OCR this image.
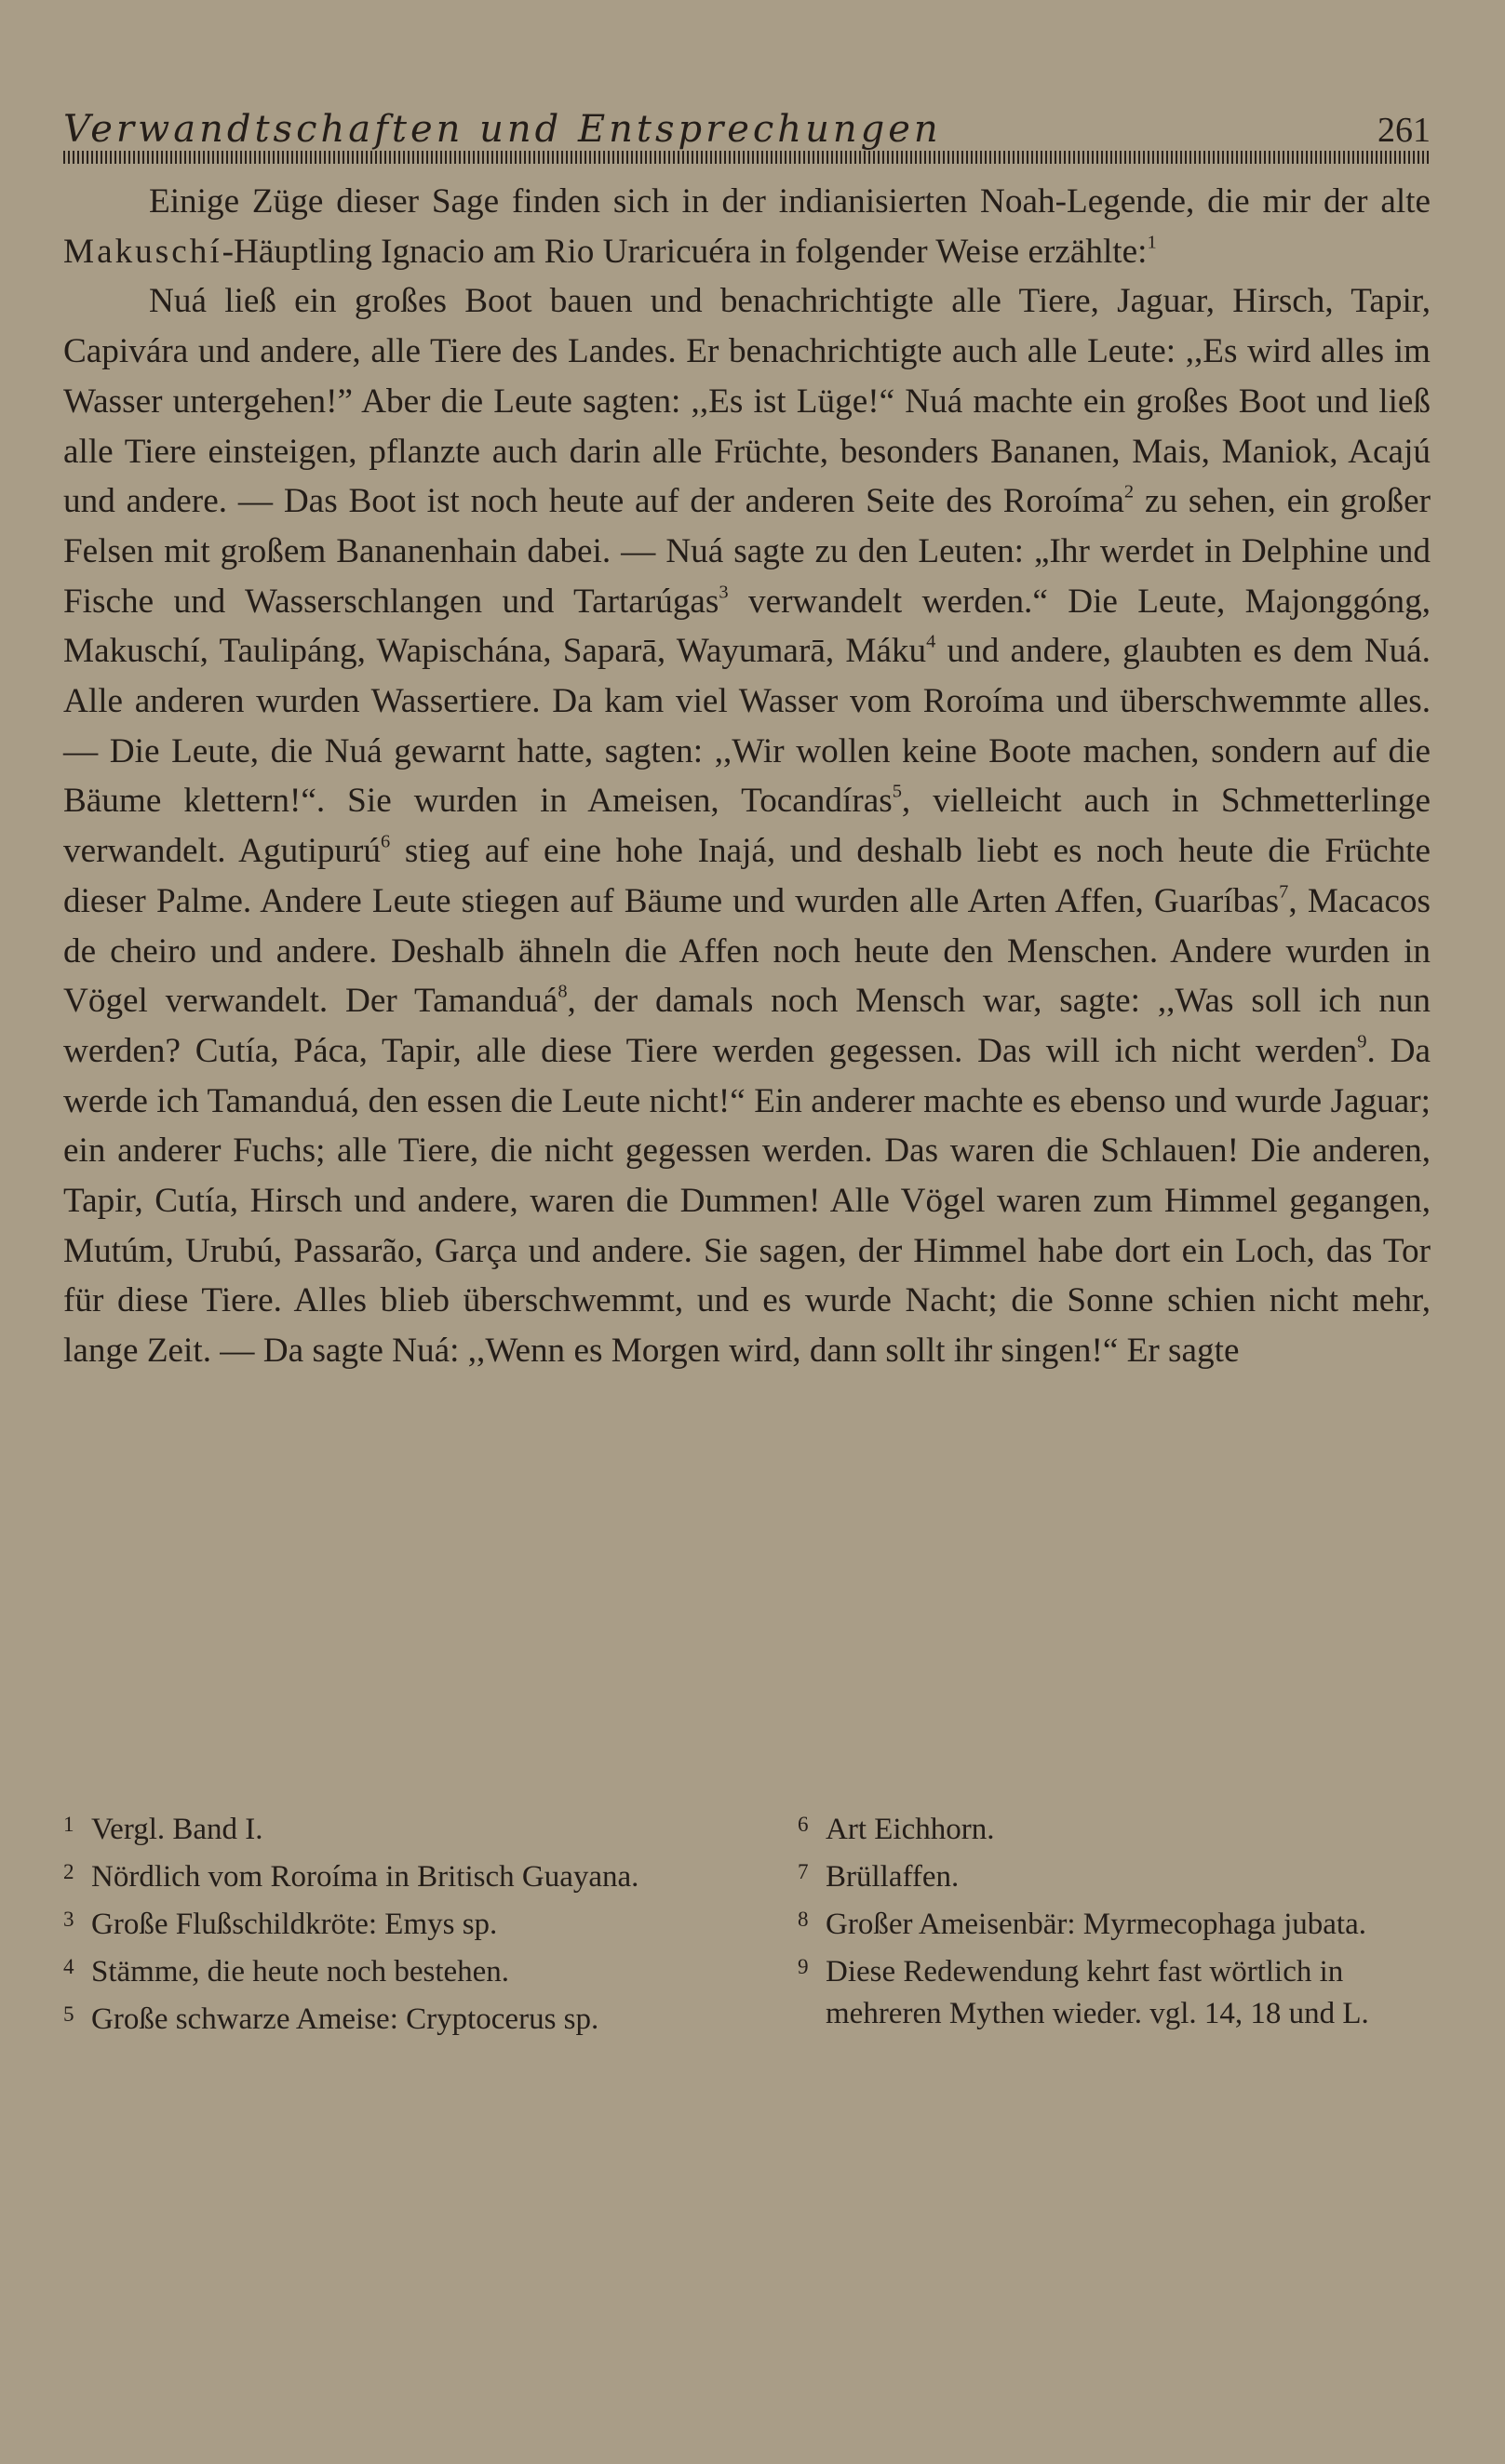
Verwandtschaften und Entsprechungen	261

Einige Züge dieser Sage finden sich in der indianisierten Noah-Legende, die mir der alte Makuschí-Häuptling Ignacio am Rio Uraricuéra in folgender Weise erzählte:$^1$

Nuá ließ ein großes Boot bauen und benachrichtigte alle Tiere, Jaguar, Hirsch, Tapir, Capivára und andere, alle Tiere des Landes. Er benachrichtigte auch alle Leute: ,,Es wird alles im Wasser untergehen!” Aber die Leute sagten: ,,Es ist Lüge!“ Nuá machte ein großes Boot und ließ alle Tiere einsteigen, pflanzte auch darin alle Früchte, besonders Bananen, Mais, Maniok, Acajú und andere. — Das Boot ist noch heute auf der anderen Seite des Roroíma$^2$ zu sehen, ein großer Felsen mit großem Bananenhain dabei. — Nuá sagte zu den Leuten: „Ihr werdet in Delphine und Fische und Wasserschlangen und Tartarúgas$^3$ verwandelt werden.“ Die Leute, Majonggóng, Makuschí, Taulipáng, Wapischána, Saparā, Wayumarā, Máku$^4$ und andere, glaubten es dem Nuá. Alle anderen wurden Wassertiere. Da kam viel Wasser vom Roroíma und überschwemmte alles. — Die Leute, die Nuá gewarnt hatte, sagten: ,,Wir wollen keine Boote machen, sondern auf die Bäume klettern!“. Sie wurden in Ameisen, Tocandíras$^5$, vielleicht auch in Schmetterlinge verwandelt. Agutipurú$^6$ stieg auf eine hohe Inajá, und deshalb liebt es noch heute die Früchte dieser Palme. Andere Leute stiegen auf Bäume und wurden alle Arten Affen, Guaríbas$^7$, Macacos de cheiro und andere. Deshalb ähneln die Affen noch heute den Menschen. Andere wurden in Vögel verwandelt. Der Tamanduá$^8$, der damals noch Mensch war, sagte: ,,Was soll ich nun werden? Cutía, Páca, Tapir, alle diese Tiere werden gegessen. Das will ich nicht werden$^9$. Da werde ich Tamanduá, den essen die Leute nicht!“ Ein anderer machte es ebenso und wurde Jaguar; ein anderer Fuchs; alle Tiere, die nicht gegessen werden. Das waren die Schlauen! Die anderen, Tapir, Cutía, Hirsch und andere, waren die Dummen! Alle Vögel waren zum Himmel gegangen, Mutúm, Urubú, Passarão, Garça und andere. Sie sagen, der Himmel habe dort ein Loch, das Tor für diese Tiere. Alles blieb überschwemmt, und es wurde Nacht; die Sonne schien nicht mehr, lange Zeit. — Da sagte Nuá: ,,Wenn es Morgen wird, dann sollt ihr singen!“ Er sagte

1 Vergl. Band I.

2 Nördlich vom Roroíma in Britisch Guayana.

3 Große Flußschildkröte: Emys sp.

4 Stämme, die heute noch bestehen.

5 Große schwarze Ameise: Cryptocerus sp.

6 Art Eichhorn.

7 Brüllaffen.

8 Großer Ameisenbär: Myrmecophaga jubata.

9 Diese Redewendung kehrt fast wörtlich in mehreren Mythen wieder. vgl. 14, 18 und L.
